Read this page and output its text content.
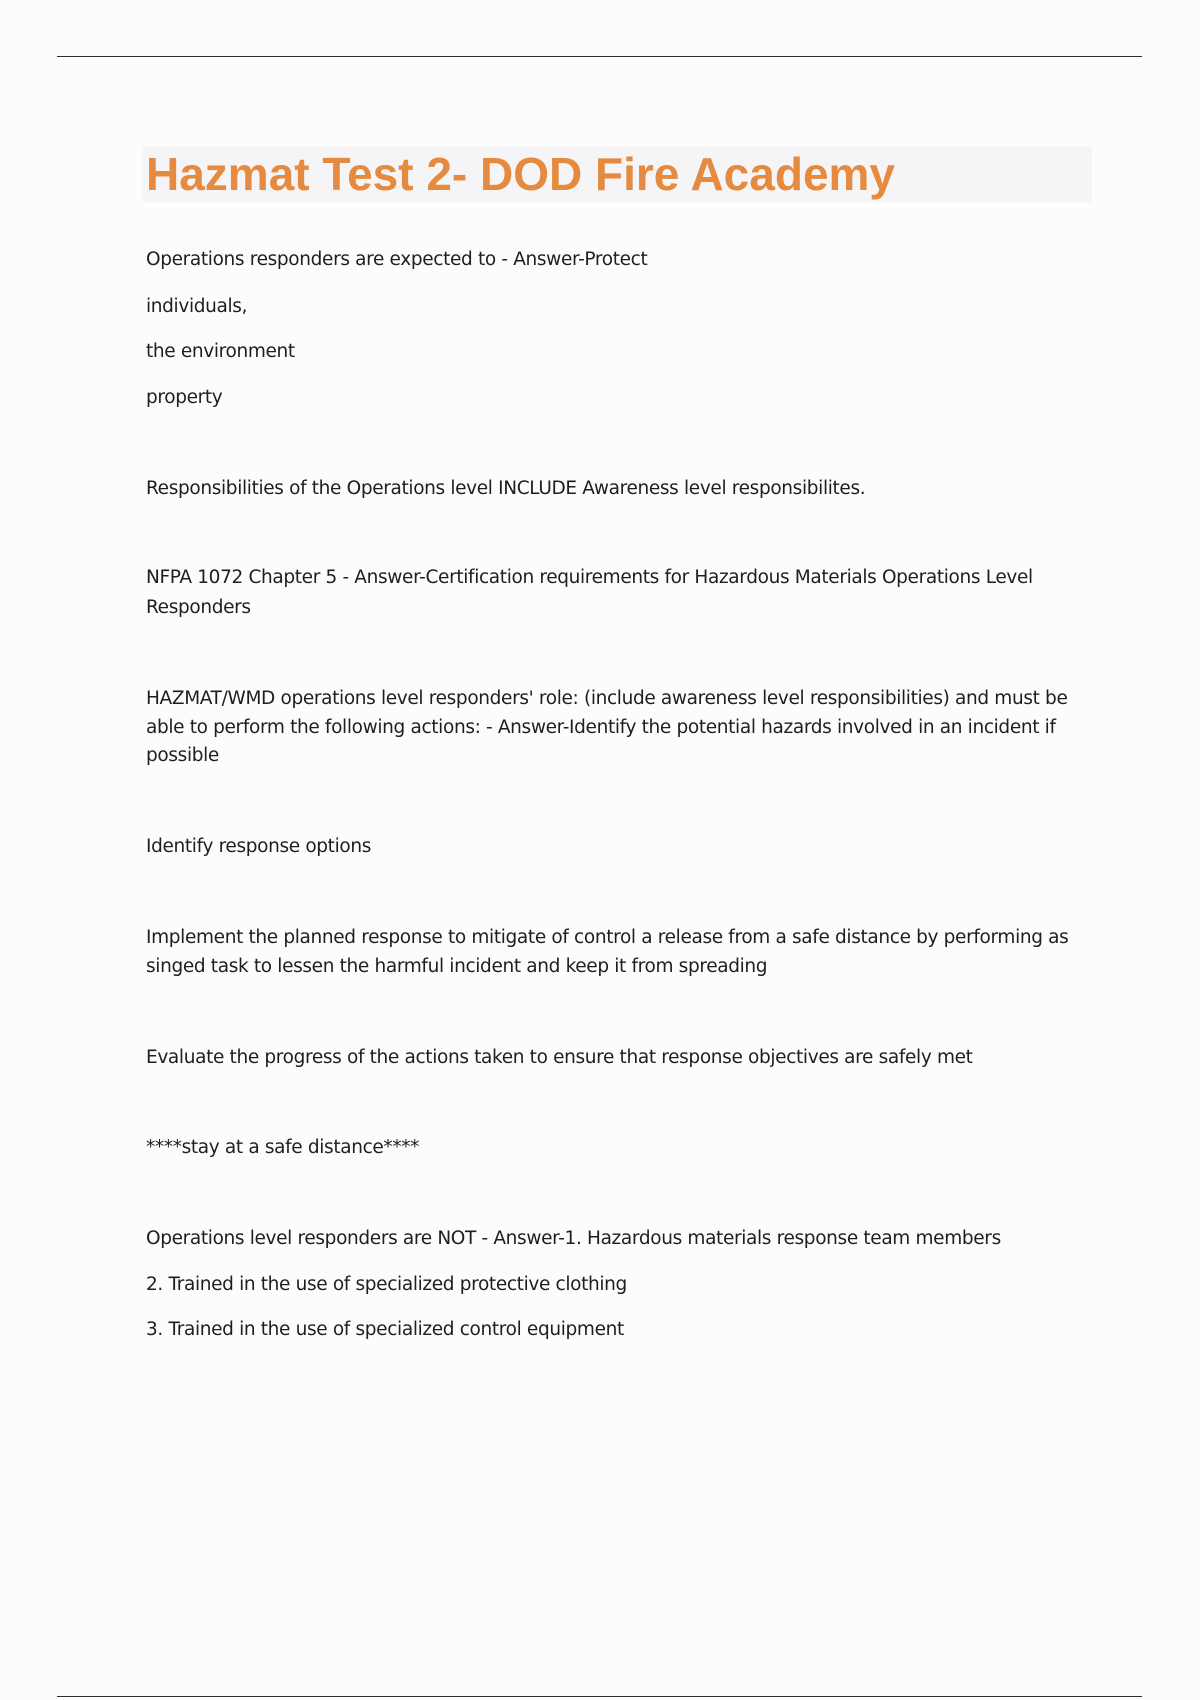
Hazmat Test 2- DOD Fire Academy

Operations responders are expected to - Answer-Protect

individuals,

the environment

property

Responsibilities of the Operations level INCLUDE Awareness level responsibilites.

NFPA 1072 Chapter 5 - Answer-Certification requirements for Hazardous Materials Operations Level

Responders

HAZMAT/WMD operations level responders' role: (include awareness level responsibilities) and must be

able to perform the following actions: - Answer-Identify the potential hazards involved in an incident if

possible

Identify response options

Implement the planned response to mitigate of control a release from a safe distance by performing as

singed task to lessen the harmful incident and keep it from spreading

Evaluate the progress of the actions taken to ensure that response objectives are safely met

****stay at a safe distance****

Operations level responders are NOT - Answer-1. Hazardous materials response team members

2. Trained in the use of specialized protective clothing

3. Trained in the use of specialized control equipment
